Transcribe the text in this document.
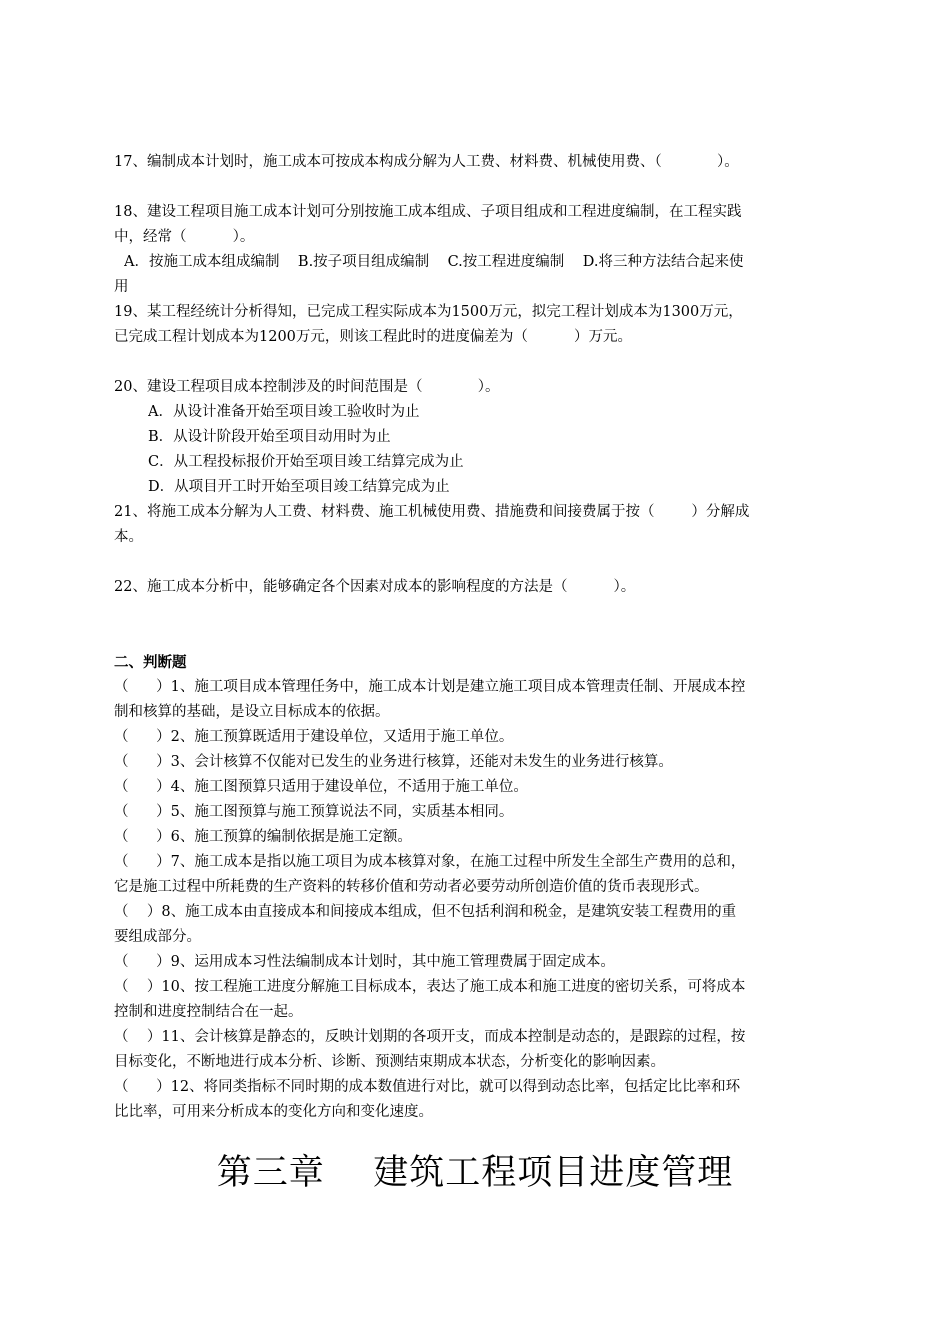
17、编制成本计划时，施工成本可按成本构成分解为人工费、材料费、机械使用费、（            ）。

18、建设工程项目施工成本计划可分别按施工成本组成、子项目组成和工程进度编制，在工程实践
中，经常（          ）。
A．按施工成本组成编制    B.按子项目组成编制    C.按工程进度编制    D.将三种方法结合起来使
用
19、某工程经统计分析得知，已完成工程实际成本为1500万元，拟完工程计划成本为1300万元，
已完成工程计划成本为1200万元，则该工程此时的进度偏差为（          ）万元。

20、建设工程项目成本控制涉及的时间范围是（            ）。
A．从设计准备开始至项目竣工验收时为止
B．从设计阶段开始至项目动用时为止
C．从工程投标报价开始至项目竣工结算完成为止
D．从项目开工时开始至项目竣工结算完成为止
21、将施工成本分解为人工费、材料费、施工机械使用费、措施费和间接费属于按（        ）分解成
本。

22、施工成本分析中，能够确定各个因素对成本的影响程度的方法是（          ）。

二、判断题
（      ）1、施工项目成本管理任务中，施工成本计划是建立施工项目成本管理责任制、开展成本控
制和核算的基础，是设立目标成本的依据。
（      ）2、施工预算既适用于建设单位，又适用于施工单位。
（      ）3、会计核算不仅能对已发生的业务进行核算，还能对未发生的业务进行核算。
（      ）4、施工图预算只适用于建设单位，不适用于施工单位。
（      ）5、施工图预算与施工预算说法不同，实质基本相同。
（      ）6、施工预算的编制依据是施工定额。
（      ）7、施工成本是指以施工项目为成本核算对象，在施工过程中所发生全部生产费用的总和，
它是施工过程中所耗费的生产资料的转移价值和劳动者必要劳动所创造价值的货币表现形式。
（    ）8、施工成本由直接成本和间接成本组成，但不包括利润和税金，是建筑安装工程费用的重
要组成部分。
（      ）9、运用成本习性法编制成本计划时，其中施工管理费属于固定成本。
（    ）10、按工程施工进度分解施工目标成本，表达了施工成本和施工进度的密切关系，可将成本
控制和进度控制结合在一起。
（    ）11、会计核算是静态的，反映计划期的各项开支，而成本控制是动态的，是跟踪的过程，按
目标变化，不断地进行成本分析、诊断、预测结束期成本状态，分析变化的影响因素。
（      ）12、将同类指标不同时期的成本数值进行对比，就可以得到动态比率，包括定比比率和环
比比率，可用来分析成本的变化方向和变化速度。
第三章    建筑工程项目进度管理
